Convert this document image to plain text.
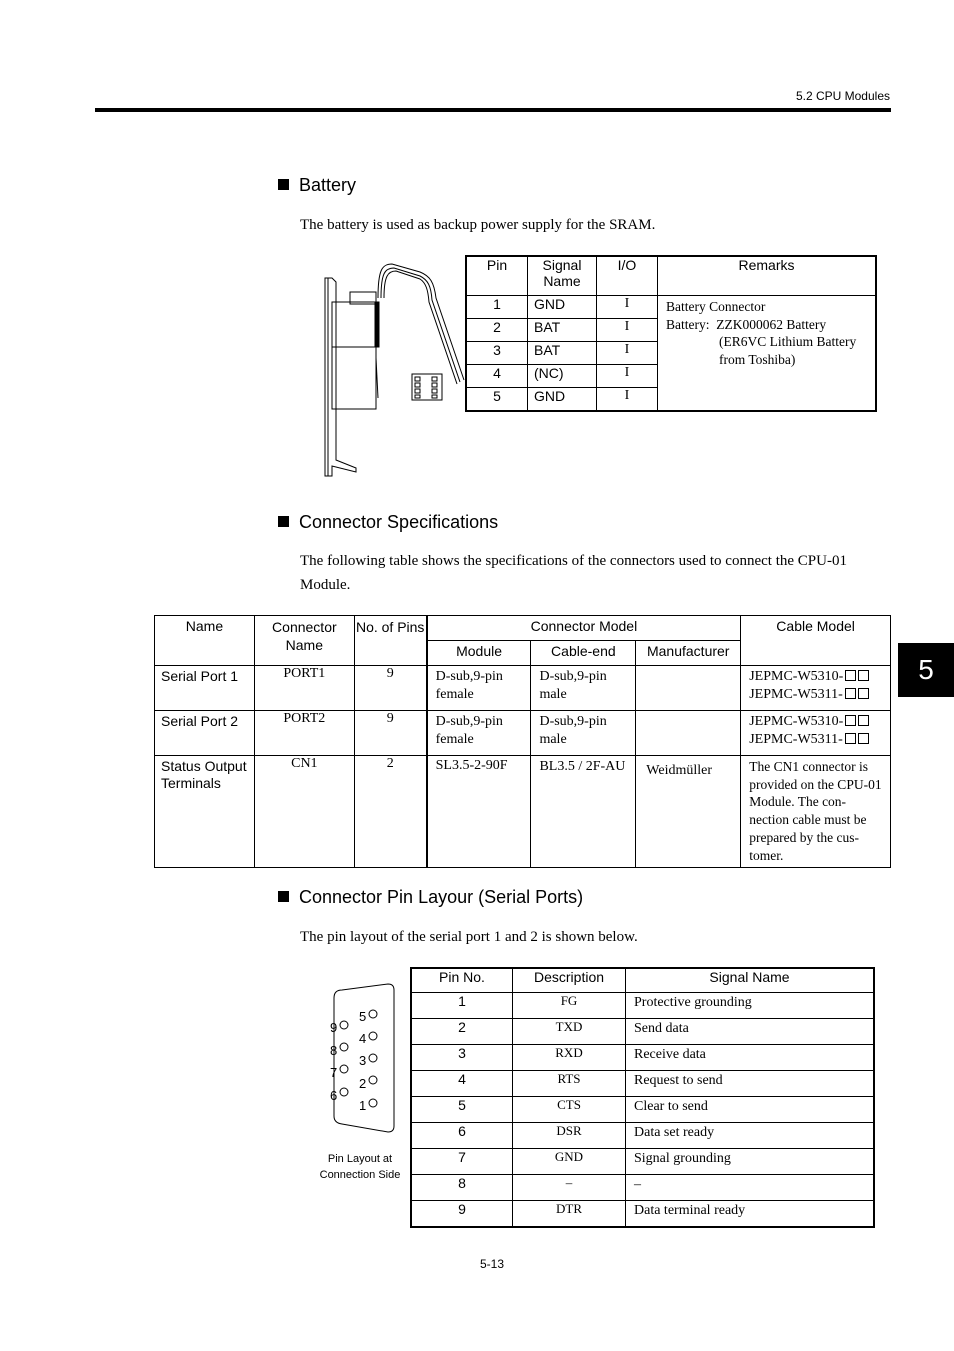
5.2 CPU Modules
Battery
The battery is used as backup power supply for the SRAM.
Pin	Signal Name	I/O	Remarks
1	GND	I	Battery Connector
Battery: ZZK000062 Battery
(ER6VC Lithium Battery
from Toshiba)

2	BAT	I	
3	BAT	I	
4	(NC)	I	
5	GND	I	
Connector Specifications
The following table shows the specifications of the connectors used to connect the CPU-01 Module.
Name	Connector Name	No. of Pins	Connector Model			Cable Model
			Module	Cable-end	Manufacturer	
Serial Port 1	PORT1	9	D-sub,9-pin female	D-sub,9-pin male		JEPMC-W5310-
JEPMC-W5311-

Serial Port 2	PORT2	9	D-sub,9-pin female	D-sub,9-pin male		JEPMC-W5310-
JEPMC-W5311-

Status Output Terminals	CN1	2	SL3.5-2-90F	BL3.5 / 2F-AU	Weidmüller	The CN1 connector is provided on the CPU-01 Module. The con-nection cable must be prepared by the cus-tomer.
5
Connector Pin Layour (Serial Ports)
The pin layout of the serial port 1 and 2 is shown below.
9
8
7
6
5
4
3
2
1
Pin Layout at
Connection Side
Pin No.	Description	Signal Name
1	FG	Protective grounding
2	TXD	Send data
3	RXD	Receive data
4	RTS	Request to send
5	CTS	Clear to send
6	DSR	Data set ready
7	GND	Signal grounding
8	–	–
9	DTR	Data terminal ready
5-13
